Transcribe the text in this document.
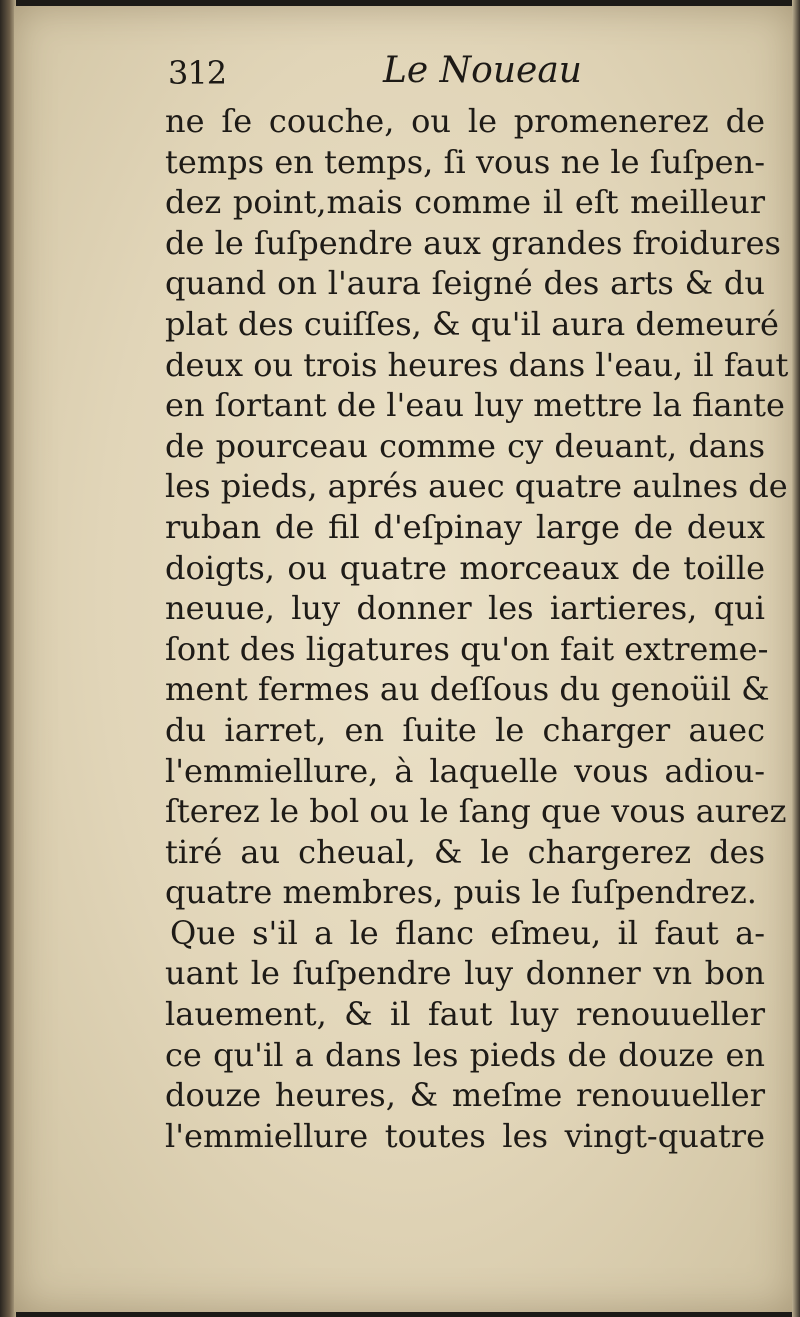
312	Le Noueau
ne ſe couche, ou le promenerez de
temps en temps, ſi vous ne le ſuſpen-
dez point,mais comme il eſt meilleur
de le ſuſpendre aux grandes froidures
quand on l'aura ſeigné des arts & du
plat des cuiſſes, & qu'il aura demeuré
deux ou trois heures dans l'eau, il faut
en ſortant de l'eau luy mettre la fiante
de pourceau comme cy deuant, dans
les pieds, aprés auec quatre aulnes de
ruban de fil d'eſpinay large de deux
doigts, ou quatre morceaux de toille
neuue, luy donner les iartieres, qui
ſont des ligatures qu'on fait extreme-
ment fermes au deſſous du genoüil &
du iarret, en ſuite le charger auec
l'emmiellure, à laquelle vous adiou-
ſterez le bol ou le ſang que vous aurez
tiré au cheual, & le chargerez des
quatre membres, puis le ſuſpendrez.
Que s'il a le flanc eſmeu, il faut a-
uant le ſuſpendre luy donner vn bon
lauement, & il faut luy renouueller
ce qu'il a dans les pieds de douze en
douze heures, & meſme renouueller
l'emmiellure toutes les vingt-quatre
